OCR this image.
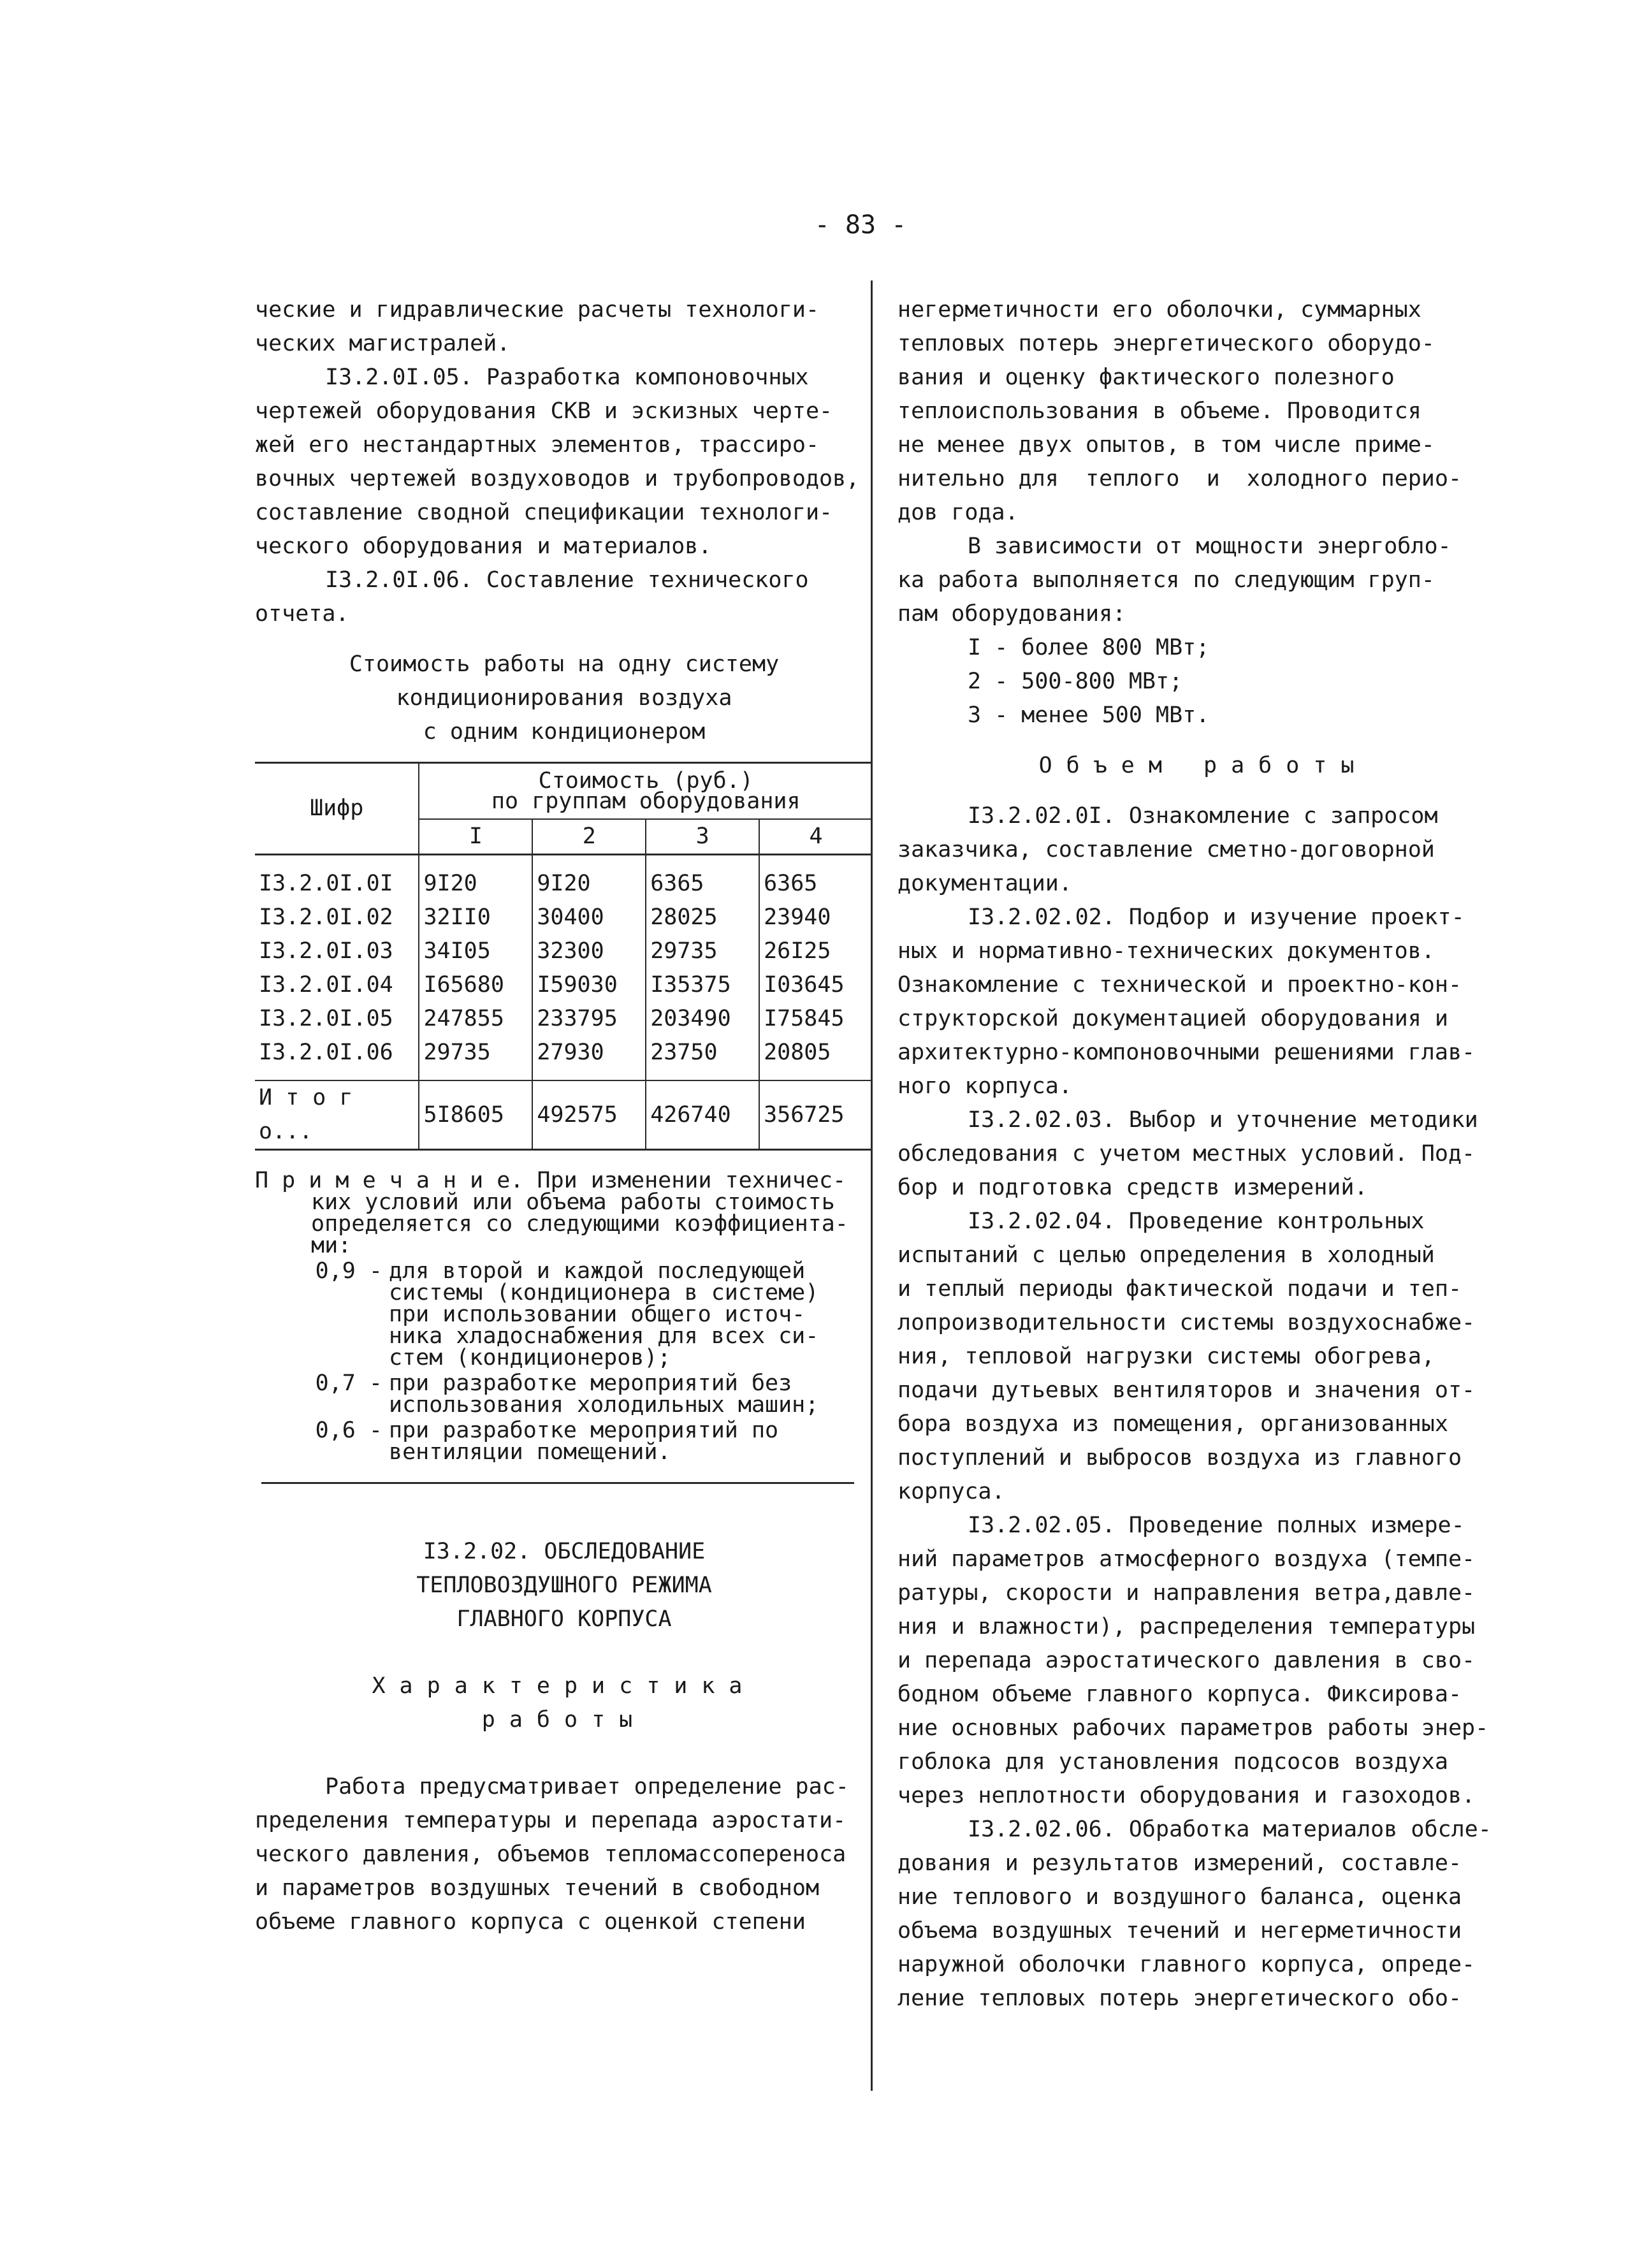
- 83 -
ческие и гидравлические расчеты технологи-
ческих магистралей.
I3.2.0I.05. Разработка компоновочных
чертежей оборудования СКВ и эскизных черте-
жей его нестандартных элементов, трассиро-
вочных чертежей воздуховодов и трубопроводов,
составление сводной спецификации технологи-
ческого оборудования и материалов.
I3.2.0I.06. Составление технического
отчета.
Стоимость работы на одну систему
кондиционирования воздуха
с одним кондиционером
Шифр	Стоимость (руб.)
по группам оборудования			

	I	2	3	4
I3.2.0I.0I	9I20	9I20	6365	6365
I3.2.0I.02	32II0	30400	28025	23940
I3.2.0I.03	34I05	32300	29735	26I25
I3.2.0I.04	I65680	I59030	I35375	I03645
I3.2.0I.05	247855	233795	203490	I75845
I3.2.0I.06	29735	27930	23750	20805
И т о г о...	5I8605	492575	426740	356725
П р и м е ч а н и е. При изменении техничес-
ких условий или объема работы стоимость
определяется со следующими коэффициента-
ми:
0,9 - для второй и каждой последующей
системы (кондиционера в системе)
при использовании общего источ-
ника хладоснабжения для всех си-
стем (кондиционеров);
0,7 - при разработке мероприятий без
использования холодильных машин;
0,6 - при разработке мероприятий по
вентиляции помещений.
I3.2.02. ОБСЛЕДОВАНИЕ
ТЕПЛОВОЗДУШНОГО РЕЖИМА
ГЛАВНОГО КОРПУСА
Характеристика
работы
Работа предусматривает определение рас-
пределения температуры и перепада аэростати-
ческого давления, объемов тепломассопереноса
и параметров воздушных течений в свободном
объеме главного корпуса с оценкой степени
негерметичности его оболочки, суммарных
тепловых потерь энергетического оборудо-
вания и оценку фактического полезного
теплоиспользования в объеме. Проводится
не менее двух опытов, в том числе приме-
нительно для  теплого  и  холодного перио-
дов года.
В зависимости от мощности энергобло-
ка работа выполняется по следующим груп-
пам оборудования:
I - более 800 МВт;
2 - 500-800 МВт;
3 - менее 500 МВт.
Объем работы
I3.2.02.0I. Ознакомление с запросом
заказчика, составление сметно-договорной
документации.
I3.2.02.02. Подбор и изучение проект-
ных и нормативно-технических документов.
Ознакомление с технической и проектно-кон-
структорской документацией оборудования и
архитектурно-компоновочными решениями глав-
ного корпуса.
I3.2.02.03. Выбор и уточнение методики
обследования с учетом местных условий. Под-
бор и подготовка средств измерений.
I3.2.02.04. Проведение контрольных
испытаний с целью определения в холодный
и теплый периоды фактической подачи и теп-
лопроизводительности системы воздухоснабже-
ния, тепловой нагрузки системы обогрева,
подачи дутьевых вентиляторов и значения от-
бора воздуха из помещения, организованных
поступлений и выбросов воздуха из главного
корпуса.
I3.2.02.05. Проведение полных измере-
ний параметров атмосферного воздуха (темпе-
ратуры, скорости и направления ветра,давле-
ния и влажности), распределения температуры
и перепада аэростатического давления в сво-
бодном объеме главного корпуса. Фиксирова-
ние основных рабочих параметров работы энер-
гоблока для установления подсосов воздуха
через неплотности оборудования и газоходов.
I3.2.02.06. Обработка материалов обсле-
дования и результатов измерений, составле-
ние теплового и воздушного баланса, оценка
объема воздушных течений и негерметичности
наружной оболочки главного корпуса, опреде-
ление тепловых потерь энергетического обо-
